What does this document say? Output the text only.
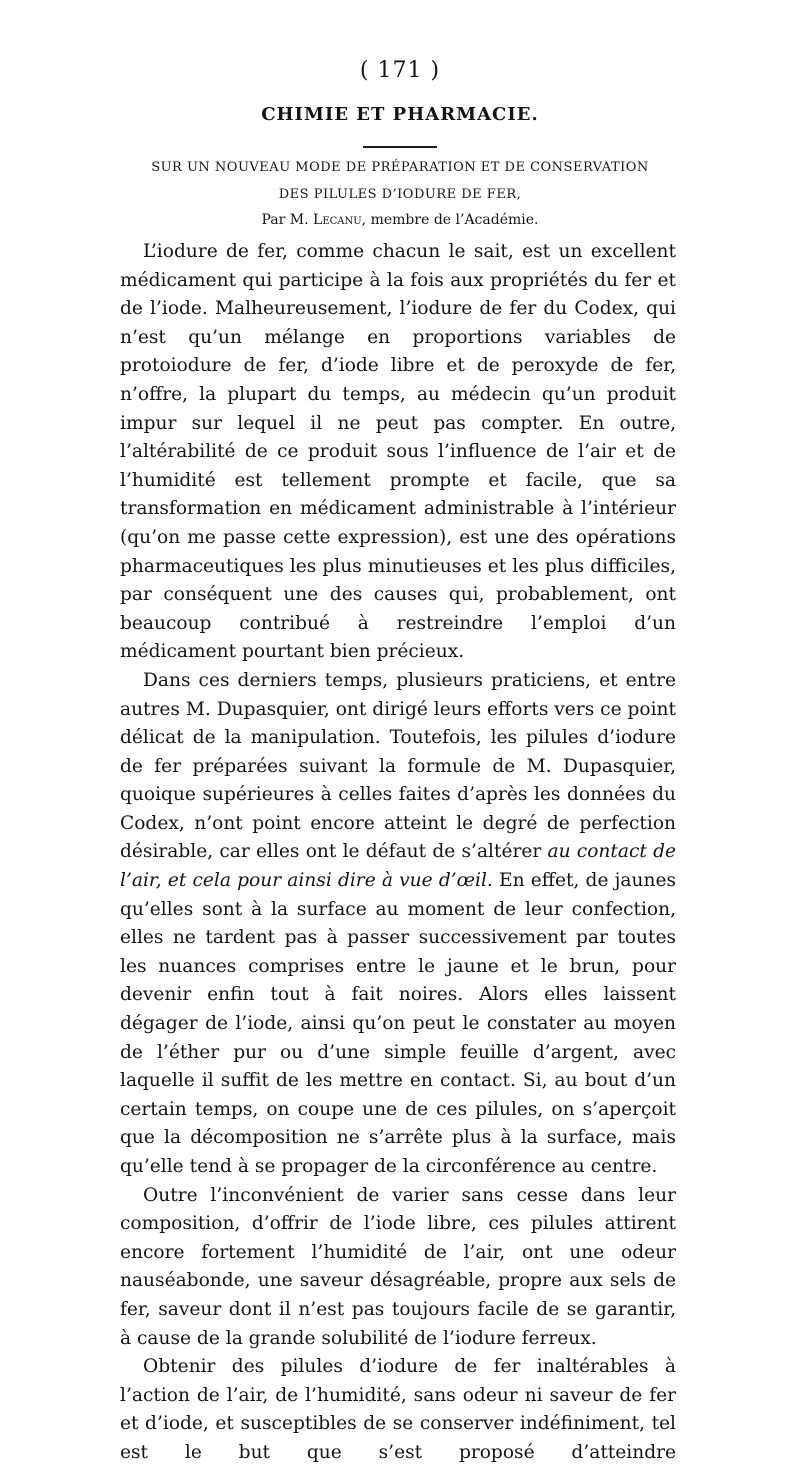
( 171 )
CHIMIE ET PHARMACIE.
SUR UN NOUVEAU MODE DE PRÉPARATION ET DE CONSERVATION
DES PILULES D’IODURE DE FER,
Par M. Lecanu, membre de l’Académie.

L’iodure de fer, comme chacun le sait, est un excellent médicament qui participe à la fois aux propriétés du fer et de l’iode. Malheureusement, l’iodure de fer du Codex, qui n’est qu’un mélange en proportions variables de protoiodure de fer, d’iode libre et de peroxyde de fer, n’offre, la plupart du temps, au médecin qu’un produit impur sur lequel il ne peut pas compter. En outre, l’altérabilité de ce produit sous l’influence de l’air et de l’humidité est tellement prompte et facile, que sa transformation en médicament administrable à l’intérieur (qu’on me passe cette expression), est une des opérations pharmaceutiques les plus minutieuses et les plus difficiles, par conséquent une des causes qui, probablement, ont beaucoup contribué à restreindre l’emploi d’un médicament pourtant bien précieux.

Dans ces derniers temps, plusieurs praticiens, et entre autres M. Dupasquier, ont dirigé leurs efforts vers ce point délicat de la manipulation. Toutefois, les pilules d’iodure de fer préparées suivant la formule de M. Dupasquier, quoique supérieures à celles faites d’après les données du Codex, n’ont point encore atteint le degré de perfection désirable, car elles ont le défaut de s’altérer au contact de l’air, et cela pour ainsi dire à vue d’œil. En effet, de jaunes qu’elles sont à la surface au moment de leur confection, elles ne tardent pas à passer successivement par toutes les nuances comprises entre le jaune et le brun, pour devenir enfin tout à fait noires. Alors elles laissent dégager de l’iode, ainsi qu’on peut le constater au moyen de l’éther pur ou d’une simple feuille d’argent, avec laquelle il suffit de les mettre en contact. Si, au bout d’un certain temps, on coupe une de ces pilules, on s’aperçoit que la décomposition ne s’arrête plus à la surface, mais qu’elle tend à se propager de la circonférence au centre.

Outre l’inconvénient de varier sans cesse dans leur composition, d’offrir de l’iode libre, ces pilules attirent encore fortement l’humidité de l’air, ont une odeur nauséabonde, une saveur désagréable, propre aux sels de fer, saveur dont il n’est pas toujours facile de se garantir, à cause de la grande solubilité de l’iodure ferreux.

Obtenir des pilules d’iodure de fer inaltérables à l’action de l’air, de l’humidité, sans odeur ni saveur de fer et d’iode, et susceptibles de se conserver indéfiniment, tel est le but que s’est proposé d’atteindre
